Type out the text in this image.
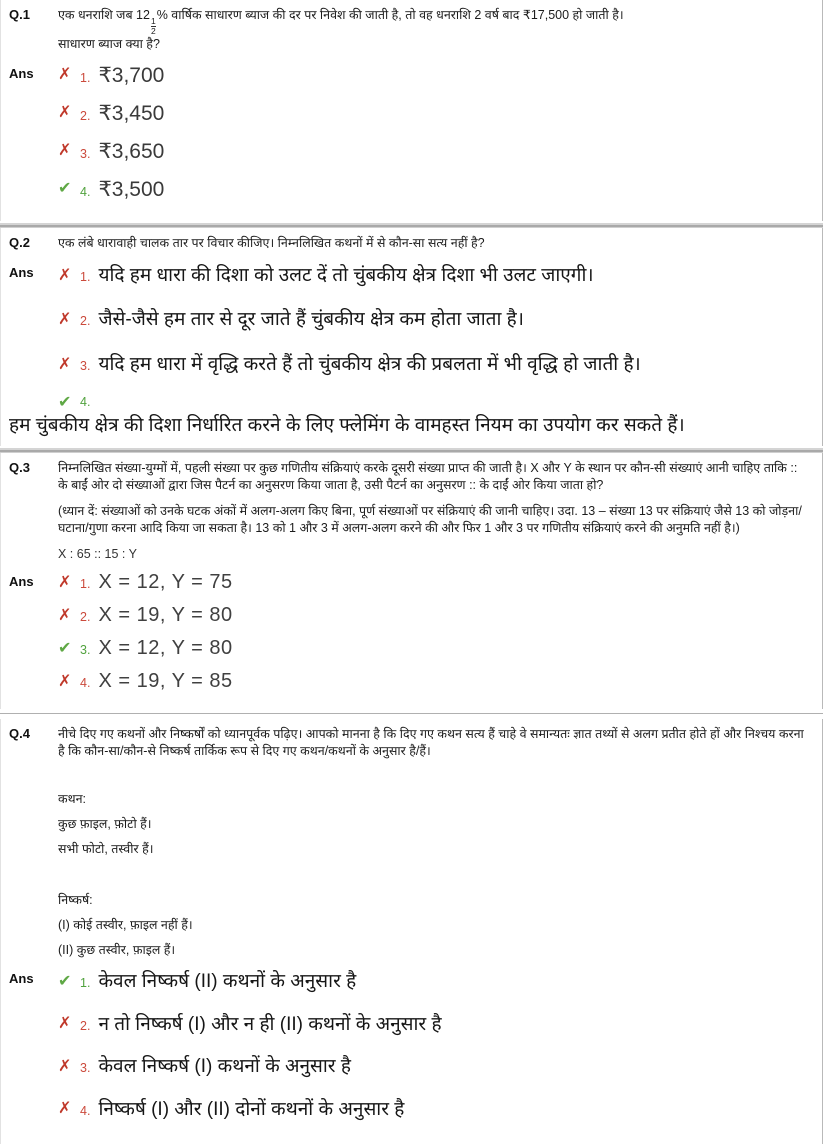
Q.1	एक धनराशि जब 12
$\frac{1}{2}$
% वार्षिक साधारण ब्याज की दर पर निवेश की जाती है, तो वह धनराशि 2 वर्ष बाद ₹17,500 हो जाती है।
साधारण ब्याज क्या है?
Ans	✗ 1. ₹3,700
✗ 2. ₹3,450
✗ 3. ₹3,650
✔ 4. ₹3,500
Q.2	एक लंबे धारावाही चालक तार पर विचार कीजिए। निम्नलिखित कथनों में से कौन-सा सत्य नहीं है?
Ans	✗ 1. यदि हम धारा की दिशा को उलट दें तो चुंबकीय क्षेत्र दिशा भी उलट जाएगी।
✗ 2. जैसे-जैसे हम तार से दूर जाते हैं चुंबकीय क्षेत्र कम होता जाता है।
✗ 3. यदि हम धारा में वृद्धि करते हैं तो चुंबकीय क्षेत्र की प्रबलता में भी वृद्धि हो जाती है।
✔ 4.
हम चुंबकीय क्षेत्र की दिशा निर्धारित करने के लिए फ्लेमिंग के वामहस्त नियम का उपयोग कर सकते हैं।
Q.3	निम्नलिखित संख्या-युग्मों में, पहली संख्या पर कुछ गणितीय संक्रियाएं करके दूसरी संख्या प्राप्त की जाती है। X और Y के स्थान पर कौन-सी संख्याएं आनी चाहिए ताकि :: के बाईं ओर दो संख्याओं द्वारा जिस पैटर्न का अनुसरण किया जाता है, उसी पैटर्न का अनुसरण :: के दाईं ओर किया जाता हो?
(ध्यान दें: संख्याओं को उनके घटक अंकों में अलग-अलग किए बिना, पूर्ण संख्याओं पर संक्रियाएं की जानी चाहिए। उदा. 13 – संख्या 13 पर संक्रियाएं जैसे 13 को जोड़ना/घटाना/गुणा करना आदि किया जा सकता है। 13 को 1 और 3 में अलग-अलग करने की और फिर 1 और 3 पर गणितीय संक्रियाएं करने की अनुमति नहीं है।)
X : 65 :: 15 : Y
Ans	✗ 1. X = 12, Y = 75
✗ 2. X = 19, Y = 80
✔ 3. X = 12, Y = 80
✗ 4. X = 19, Y = 85
Q.4	नीचे दिए गए कथनों और निष्कर्षों को ध्यानपूर्वक पढ़िए। आपको मानना है कि दिए गए कथन सत्य हैं चाहे वे समान्यतः ज्ञात तथ्यों से अलग प्रतीत होते हों और निश्चय करना है कि कौन-सा/कौन-से निष्कर्ष तार्किक रूप से दिए गए कथन/कथनों के अनुसार है/हैं।
कथन:
कुछ फ़ाइल, फ़ोटो हैं।
सभी फोटो, तस्वीर हैं।
निष्कर्ष:
(I) कोई तस्वीर, फ़ाइल नहीं हैं।
(II) कुछ तस्वीर, फ़ाइल हैं।
Ans	✔ 1. केवल निष्कर्ष (II) कथनों के अनुसार है
✗ 2. न तो निष्कर्ष (I) और न ही (II) कथनों के अनुसार है
✗ 3. केवल निष्कर्ष (I) कथनों के अनुसार है
✗ 4. निष्कर्ष (I) और (II) दोनों कथनों के अनुसार है
